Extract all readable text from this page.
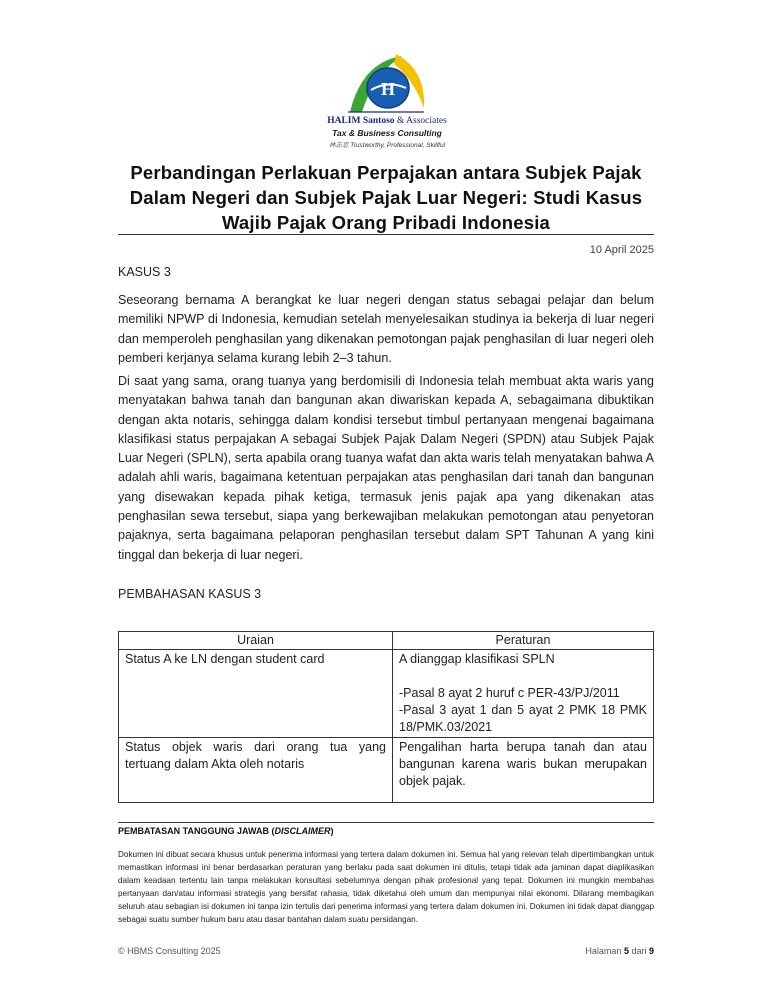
H
HALIM Santoso & Associates
Tax & Business Consulting
林志忠 Trustworthy, Professional, Skillful
Perbandingan Perlakuan Perpajakan antara Subjek Pajak Dalam Negeri dan Subjek Pajak Luar Negeri: Studi Kasus Wajib Pajak Orang Pribadi Indonesia
10 April 2025
KASUS 3

Seseorang bernama A berangkat ke luar negeri dengan status sebagai pelajar dan belum memiliki NPWP di Indonesia, kemudian setelah menyelesaikan studinya ia bekerja di luar negeri dan memperoleh penghasilan yang dikenakan pemotongan pajak penghasilan di luar negeri oleh pemberi kerjanya selama kurang lebih 2–3 tahun.

Di saat yang sama, orang tuanya yang berdomisili di Indonesia telah membuat akta waris yang menyatakan bahwa tanah dan bangunan akan diwariskan kepada A, sebagaimana dibuktikan dengan akta notaris, sehingga dalam kondisi tersebut timbul pertanyaan mengenai bagaimana klasifikasi status perpajakan A sebagai Subjek Pajak Dalam Negeri (SPDN) atau Subjek Pajak Luar Negeri (SPLN), serta apabila orang tuanya wafat dan akta waris telah menyatakan bahwa A adalah ahli waris, bagaimana ketentuan perpajakan atas penghasilan dari tanah dan bangunan yang disewakan kepada pihak ketiga, termasuk jenis pajak apa yang dikenakan atas penghasilan sewa tersebut, siapa yang berkewajiban melakukan pemotongan atau penyetoran pajaknya, serta bagaimana pelaporan penghasilan tersebut dalam SPT Tahunan A yang kini tinggal dan bekerja di luar negeri.

PEMBAHASAN KASUS 3
Uraian	Peraturan
Status A ke LN dengan student card	A dianggap klasifikasi SPLN
-Pasal 8 ayat 2 huruf c PER-43/PJ/2011
-Pasal 3 ayat 1 dan 5 ayat 2 PMK 18 PMK 18/PMK.03/2021

Status objek waris dari orang tua yang tertuang dalam Akta oleh notaris	Pengalihan harta berupa tanah dan atau bangunan karena waris bukan merupakan objek pajak.
PEMBATASAN TANGGUNG JAWAB (DISCLAIMER)

Dokumen ini dibuat secara khusus untuk penerima informasi yang tertera dalam dokumen ini. Semua hal yang relevan telah dipertimbangkan untuk memastikan informasi ini benar berdasarkan peraturan yang berlaku pada saat dokumen ini ditulis, tetapi tidak ada jaminan dapat diaplikasikan dalam keadaan tertentu lain tanpa melakukan konsultasi sebelumnya dengan pihak profesional yang tepat. Dokumen ini mungkin membahas pertanyaan dan/atau informasi strategis yang bersifat rahasia, tidak diketahui oleh umum dan mempunyai nilai ekonomi. Dilarang membagikan seluruh atau sebagian isi dokumen ini tanpa izin tertulis dari penerima informasi yang tertera dalam dokumen ini. Dokumen ini tidak dapat dianggap sebagai suatu sumber hukum baru atau dasar bantahan dalam suatu persidangan.

© HBMS Consulting 2025	Halaman 5 dari 9
